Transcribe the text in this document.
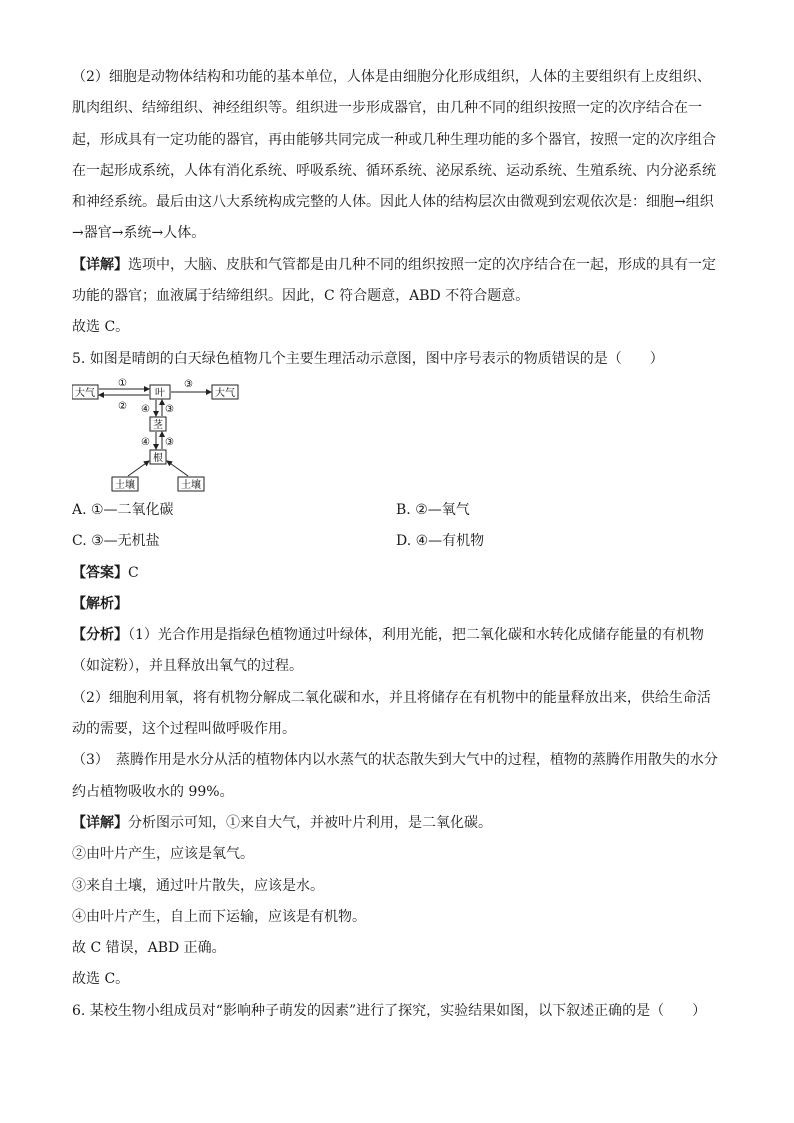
（2）细胞是动物体结构和功能的基本单位，人体是由细胞分化形成组织，人体的主要组织有上皮组织、
肌肉组织、结缔组织、神经组织等。组织进一步形成器官，由几种不同的组织按照一定的次序结合在一
起，形成具有一定功能的器官，再由能够共同完成一种或几种生理功能的多个器官，按照一定的次序组合
在一起形成系统，人体有消化系统、呼吸系统、循环系统、泌尿系统、运动系统、生殖系统、内分泌系统
和神经系统。最后由这八大系统构成完整的人体。因此人体的结构层次由微观到宏观依次是：细胞→组织
→器官→系统→人体。
【详解】选项中，大脑、皮肤和气管都是由几种不同的组织按照一定的次序结合在一起，形成的具有一定
功能的器官；血液属于结缔组织。因此，C 符合题意，ABD 不符合题意。
故选 C。
5. 如图是晴朗的白天绿色植物几个主要生理活动示意图，图中序号表示的物质错误的是（　　）
大气	叶	大气
茎
根
土壤	土壤
①
②
③
④ ③
④ ③
A. ①—二氧化碳	B. ②—氧气
C. ③—无机盐	D. ④—有机物
【答案】C
【解析】
【分析】（1）光合作用是指绿色植物通过叶绿体，利用光能，把二氧化碳和水转化成储存能量的有机物
（如淀粉），并且释放出氧气的过程。
（2）细胞利用氧，将有机物分解成二氧化碳和水，并且将储存在有机物中的能量释放出来，供给生命活
动的需要，这个过程叫做呼吸作用。
（3）　蒸腾作用是水分从活的植物体内以水蒸气的状态散失到大气中的过程，植物的蒸腾作用散失的水分
约占植物吸收水的 99%。
【详解】分析图示可知，①来自大气，并被叶片利用，是二氧化碳。
②由叶片产生，应该是氧气。
③来自土壤，通过叶片散失，应该是水。
④由叶片产生，自上而下运输，应该是有机物。
故 C 错误，ABD 正确。
故选 C。
6. 某校生物小组成员对“影响种子萌发的因素”进行了探究，实验结果如图，以下叙述正确的是（　　）
